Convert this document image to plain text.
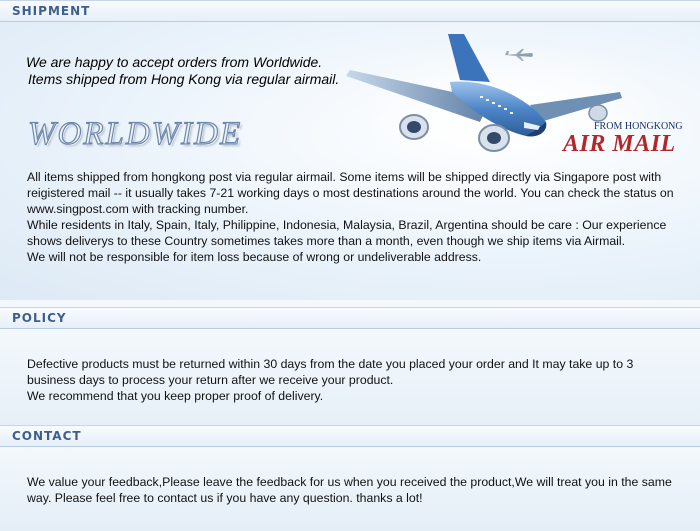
SHIPMENT
We are happy to accept orders from Worldwide.
Items shipped from Hong Kong via regular airmail.
WORLDWIDE	FROM HONGKONG
AIR MAIL

All items shipped from hongkong post via regular airmail. Some items will be shipped directly via Singapore post with reigistered mail -- it usually takes 7-21 working days o most destinations around the world. You can check the status on www.singpost.com with tracking number.

While residents in Italy, Spain, Italy, Philippine, Indonesia, Malaysia, Brazil, Argentina should be care : Our experience shows deliverys to these Country sometimes takes more than a month, even though we ship items via Airmail.

We will not be responsible for item loss because of wrong or undeliverable address.

POLICY

Defective products must be returned within 30 days from the date you placed your order and It may take up to 3 business days to process your return after we receive your product.

We recommend that you keep proper proof of delivery.

CONTACT

We value your feedback,Please leave the feedback for us when you received the product,We will treat you in the same way. Please feel free to contact us if you have any question. thanks a lot!
